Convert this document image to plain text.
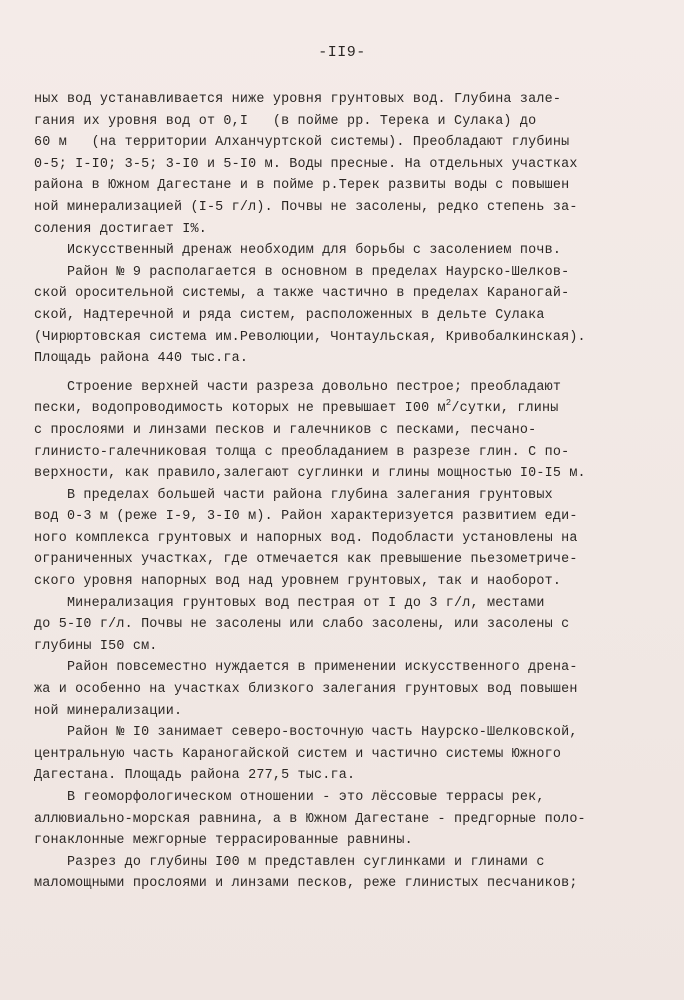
-II9-
ных вод устанавливается ниже уровня грунтовых вод. Глубина зале-
гания их уровня вод от 0,I   (в пойме рр. Терека и Сулака) до
60 м   (на территории Алханчуртской системы). Преобладают глубины
0-5; I-I0; 3-5; 3-I0 и 5-I0 м. Воды пресные. На отдельных участках
района в Южном Дагестане и в пойме р.Терек развиты воды с повышен
ной минерализацией (I-5 г/л). Почвы не засолены, редко степень за-
соления достигает I%.
Искусственный дренаж необходим для борьбы с засолением почв.
Район № 9 располагается в основном в пределах Наурско-Шелков-
ской оросительной системы, а также частично в пределах Караногай-
ской, Надтеречной и ряда систем, расположенных в дельте Сулака
(Чирюртовская система им.Революции, Чонтаульская, Кривобалкинская).
Площадь района 440 тыс.га.
Строение верхней части разреза довольно пестрое; преобладают
пески, водопроводимость которых не превышает I00 $м^2$/сутки, глины
с прослоями и линзами песков и галечников с песками, песчано-
глинисто-галечниковая толща с преобладанием в разрезе глин. С по-
верхности, как правило,залегают суглинки и глины мощностью I0-I5 м.
В пределах большей части района глубина залегания грунтовых
вод 0-3 м (реже I-9, 3-I0 м). Район характеризуется развитием еди-
ного комплекса грунтовых и напорных вод. Подобласти установлены на
ограниченных участках, где отмечается как превышение пьезометриче-
ского уровня напорных вод над уровнем грунтовых, так и наоборот.
Минерализация грунтовых вод пестрая от I до 3 г/л, местами
до 5-I0 г/л. Почвы не засолены или слабо засолены, или засолены с
глубины I50 см.
Район повсеместно нуждается в применении искусственного дрена-
жа и особенно на участках близкого залегания грунтовых вод повышен
ной минерализации.
Район № I0 занимает северо-восточную часть Наурско-Шелковской,
центральную часть Караногайской систем и частично системы Южного
Дагестана. Площадь района 277,5 тыс.га.
В геоморфологическом отношении - это лёссовые террасы рек,
аллювиально-морская равнина, а в Южном Дагестане - предгорные поло-
гонаклонные межгорные террасированные равнины.
Разрез до глубины I00 м представлен суглинками и глинами с
маломощными прослоями и линзами песков, реже глинистых песчаников;
